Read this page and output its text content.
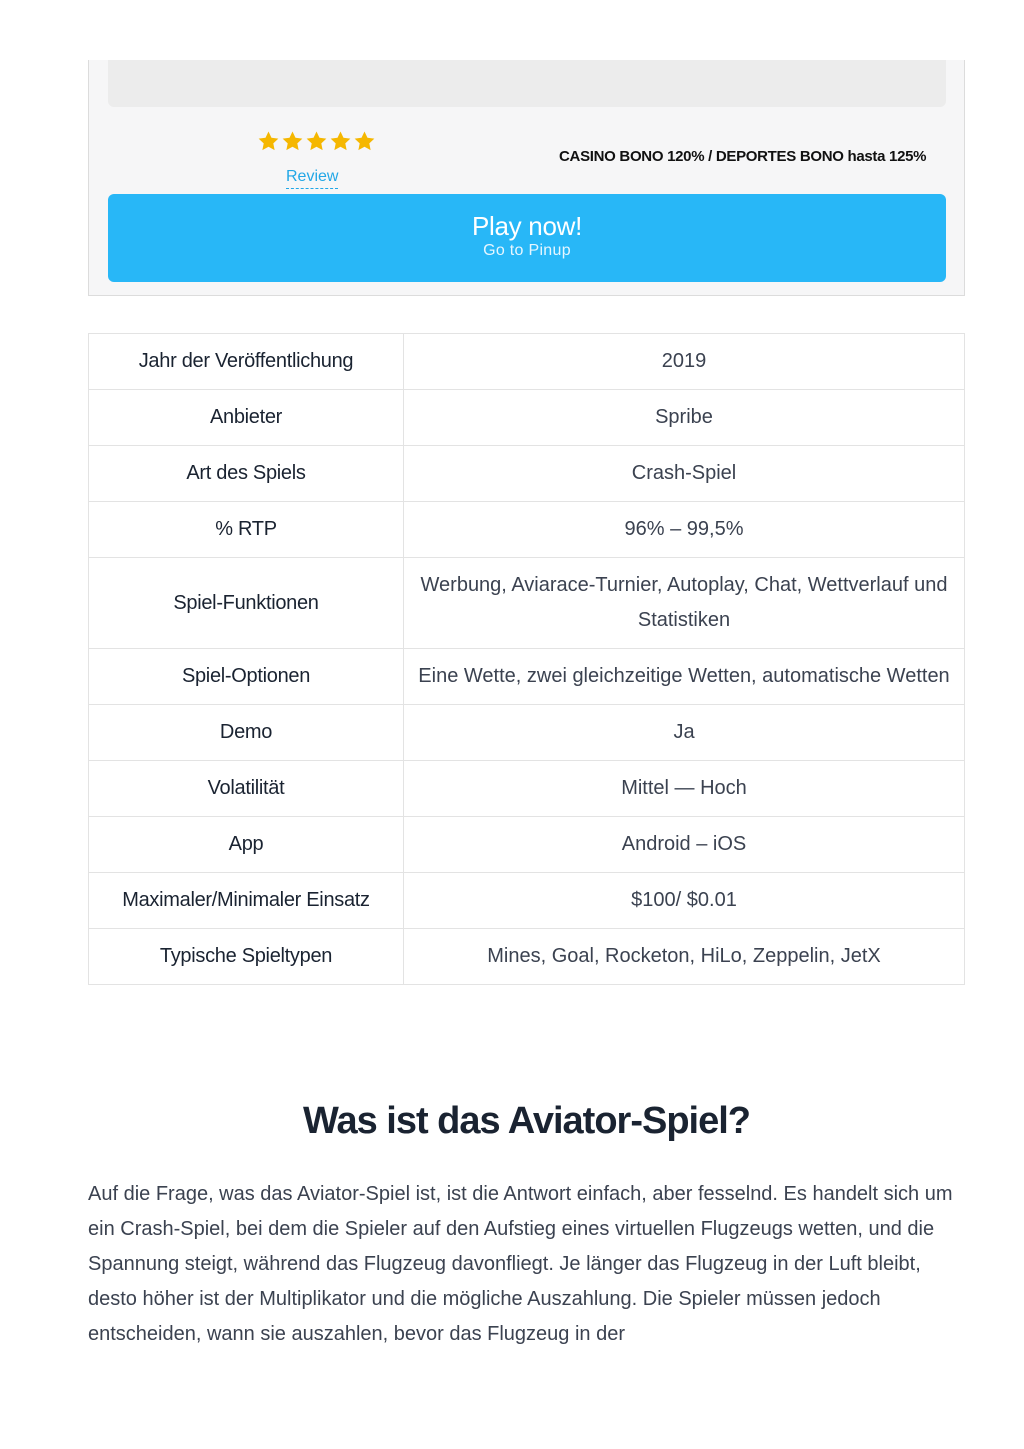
Review
CASINO BONO 120% / DEPORTES BONO hasta 125%
Play now!
Go to Pinup
Jahr der Veröffentlichung	2019
Anbieter	Spribe
Art des Spiels	Crash-Spiel
% RTP	96% – 99,5%
Spiel-Funktionen	Werbung, Aviarace-Turnier, Autoplay, Chat, Wettverlauf und Statistiken
Spiel-Optionen	Eine Wette, zwei gleichzeitige Wetten, automatische Wetten
Demo	Ja
Volatilität	Mittel — Hoch
App	Android – iOS
Maximaler/Minimaler Einsatz	$100/ $0.01
Typische Spieltypen	Mines, Goal, Rocketon, HiLo, Zeppelin, JetX
Was ist das Aviator-Spiel?

Auf die Frage, was das Aviator-Spiel ist, ist die Antwort einfach, aber fesselnd. Es handelt sich um ein Crash-Spiel, bei dem die Spieler auf den Aufstieg eines virtuellen Flugzeugs wetten, und die Spannung steigt, während das Flugzeug davonfliegt. Je länger das Flugzeug in der Luft bleibt, desto höher ist der Multiplikator und die mögliche Auszahlung. Die Spieler müssen jedoch entscheiden, wann sie auszahlen, bevor das Flugzeug in der
